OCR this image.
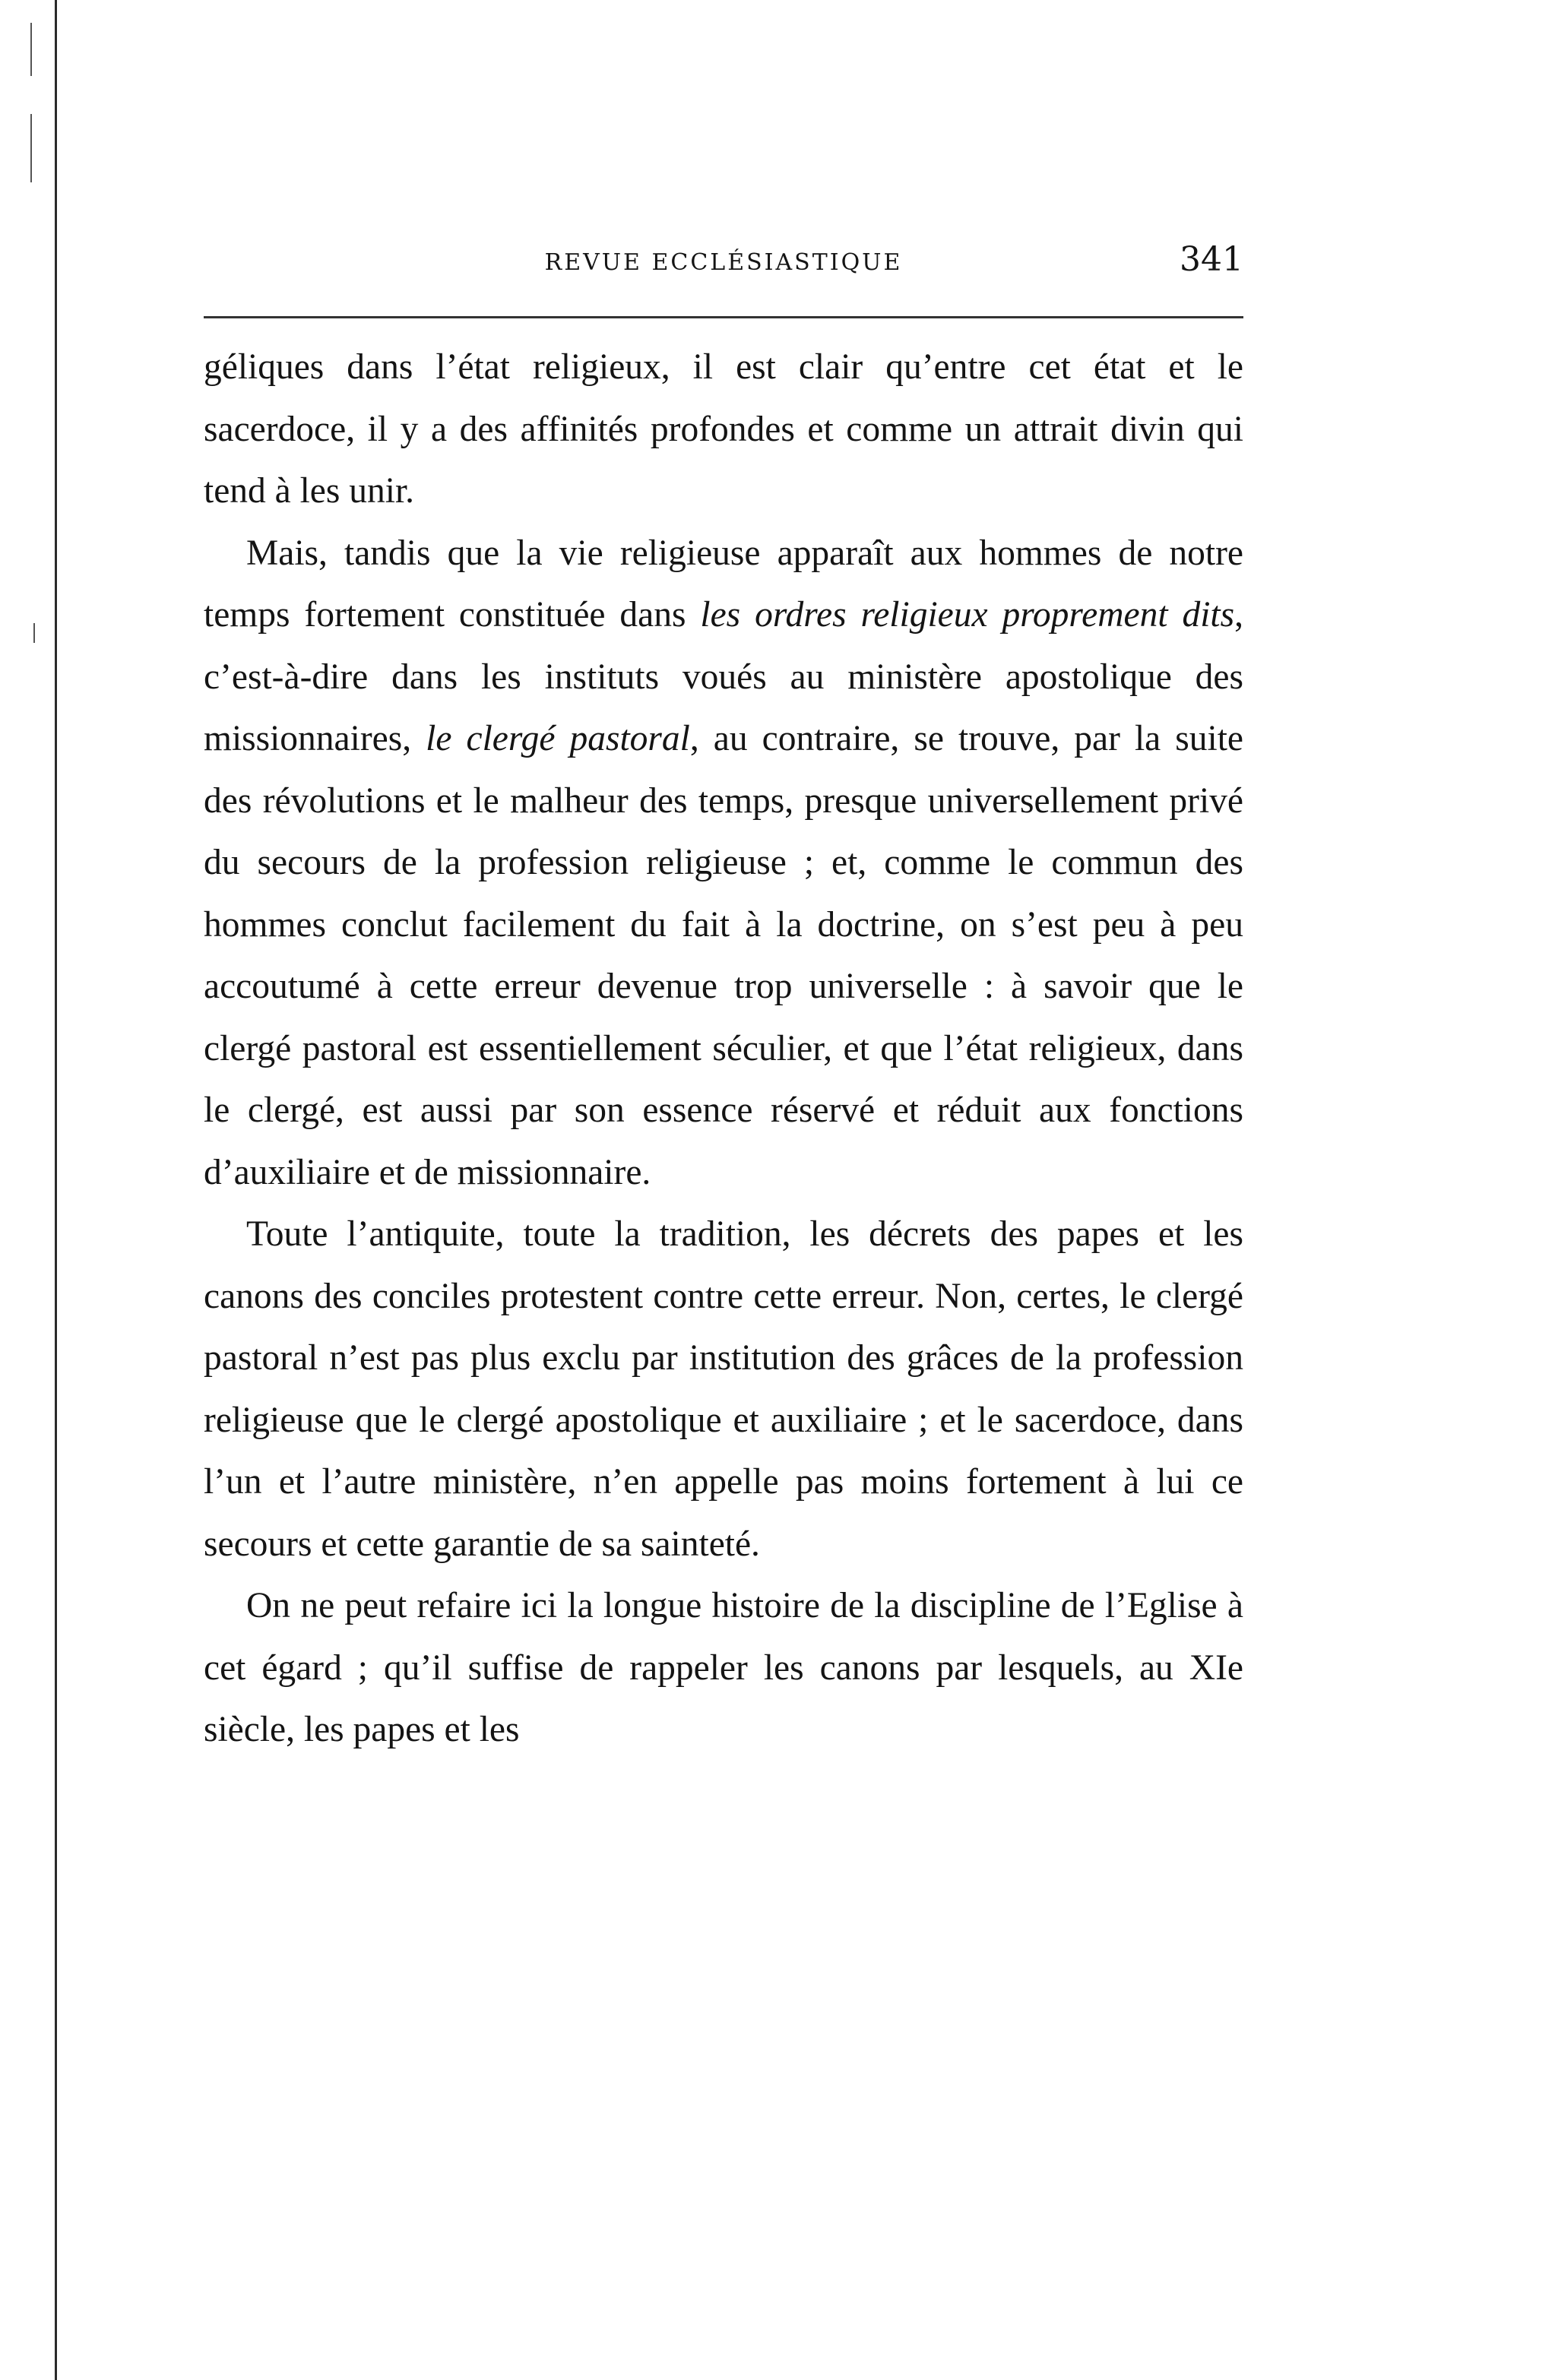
REVUE ECCLÉSIASTIQUE	341

géliques dans l’état religieux, il est clair qu’entre cet état et le sacerdoce, il y a des affinités profondes et comme un attrait divin qui tend à les unir.

Mais, tandis que la vie religieuse apparaît aux hommes de notre temps fortement constituée dans les ordres religieux proprement dits, c’est-à-dire dans les instituts voués au ministère apostolique des missionnaires, le clergé pastoral, au contraire, se trouve, par la suite des révolutions et le malheur des temps, presque universellement privé du secours de la profession religieuse ; et, comme le commun des hommes conclut facilement du fait à la doctrine, on s’est peu à peu accoutumé à cette erreur devenue trop universelle : à savoir que le clergé pastoral est essentiellement séculier, et que l’état religieux, dans le clergé, est aussi par son essence réservé et réduit aux fonctions d’auxiliaire et de missionnaire.

Toute l’antiquite, toute la tradition, les décrets des papes et les canons des conciles protestent contre cette erreur. Non, certes, le clergé pastoral n’est pas plus exclu par institution des grâces de la profession religieuse que le clergé apostolique et auxiliaire ; et le sacerdoce, dans l’un et l’autre ministère, n’en appelle pas moins fortement à lui ce secours et cette garantie de sa sainteté.

On ne peut refaire ici la longue histoire de la discipline de l’Eglise à cet égard ; qu’il suffise de rappeler les canons par lesquels, au XIe siècle, les papes et les
